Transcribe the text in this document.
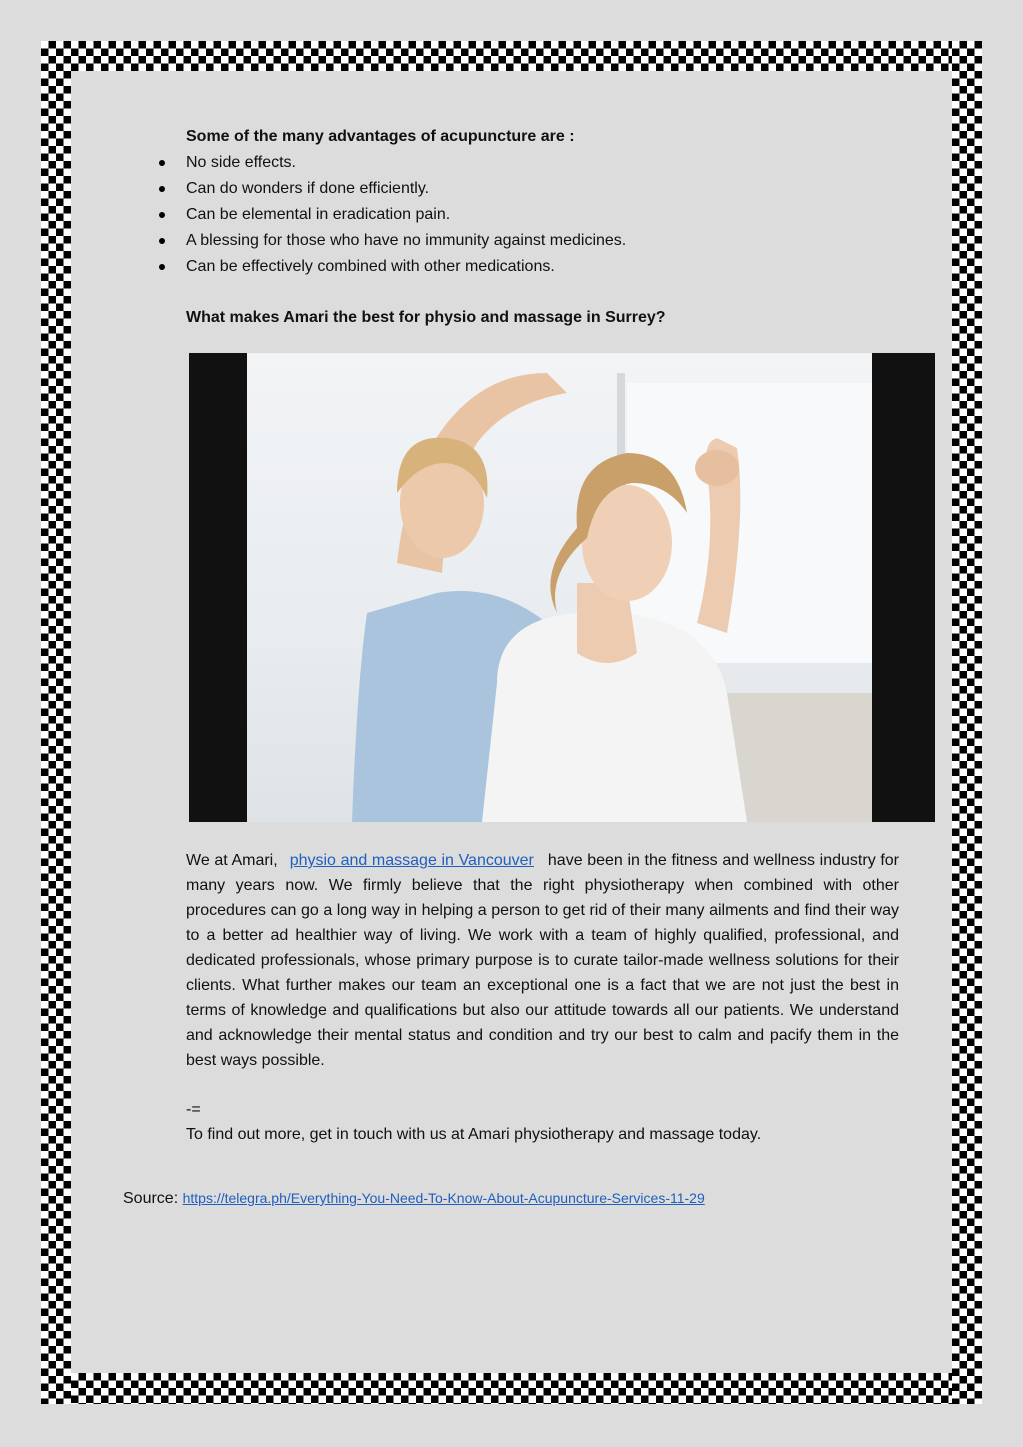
Some of the many advantages of acupuncture are :

No side effects.
Can do wonders if done efficiently.
Can be elemental in eradication pain.
A blessing for those who have no immunity against medicines.
Can be effectively combined with other medications.

What makes Amari the best for physio and massage in Surrey?

We at Amari, physio and massage in Vancouver have been in the fitness and wellness industry for many years now. We firmly believe that the right physiotherapy when combined with other procedures can go a long way in helping a person to get rid of their many ailments and find their way to a better ad healthier way of living. We work with a team of highly qualified, professional, and dedicated professionals, whose primary purpose is to curate tailor-made wellness solutions for their clients. What further makes our team an exceptional one is a fact that we are not just the best in terms of knowledge and qualifications but also our attitude towards all our patients. We understand and acknowledge their mental status and condition and try our best to calm and pacify them in the best ways possible.

-=
To find out more, get in touch with us at Amari physiotherapy and massage today.
Source: https://telegra.ph/Everything-You-Need-To-Know-About-Acupuncture-Services-11-29
